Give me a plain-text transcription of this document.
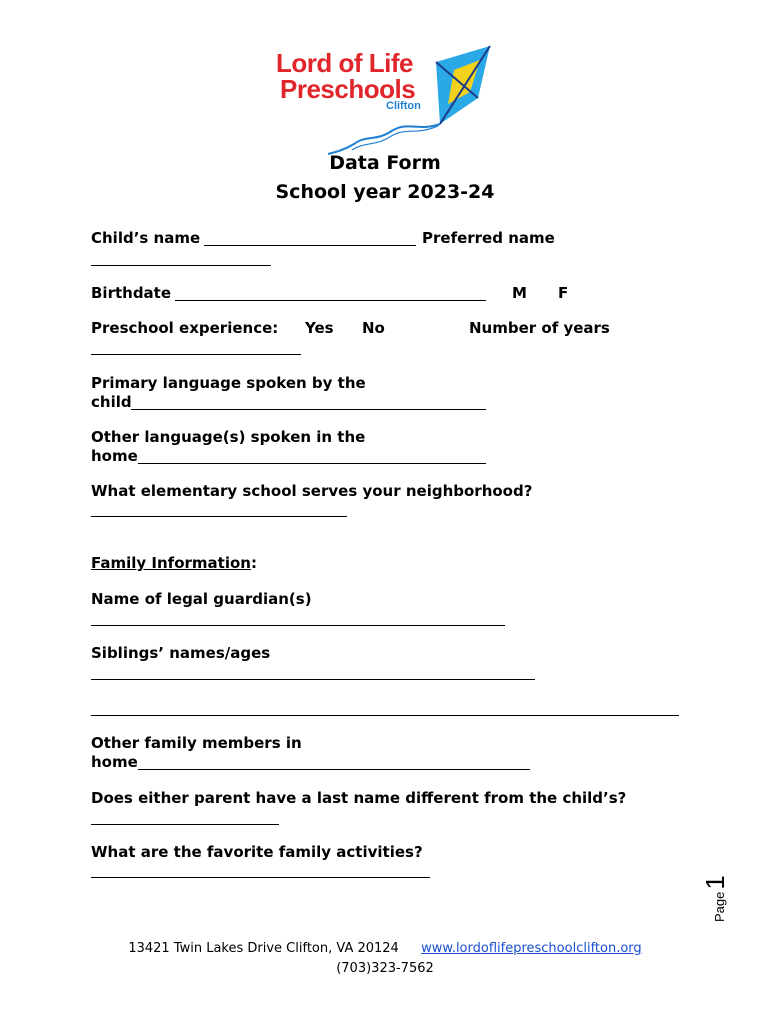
Lord of Life
Preschools
Clifton
Data Form
School year 2023-24
Child’s name	Preferred name
Birthdate	M F
Preschool experience: Yes No	Number of years
Primary language spoken by the
child
Other language(s) spoken in the
home
What elementary school serves your neighborhood?
Family Information:
Name of legal guardian(s)
Siblings’ names/ages
Other family members in
home
Does either parent have a last name different from the child’s?
What are the favorite family activities?
Page1
13421 Twin Lakes Drive Clifton, VA 20124 www.lordoflifepreschoolclifton.org
(703)323-7562
